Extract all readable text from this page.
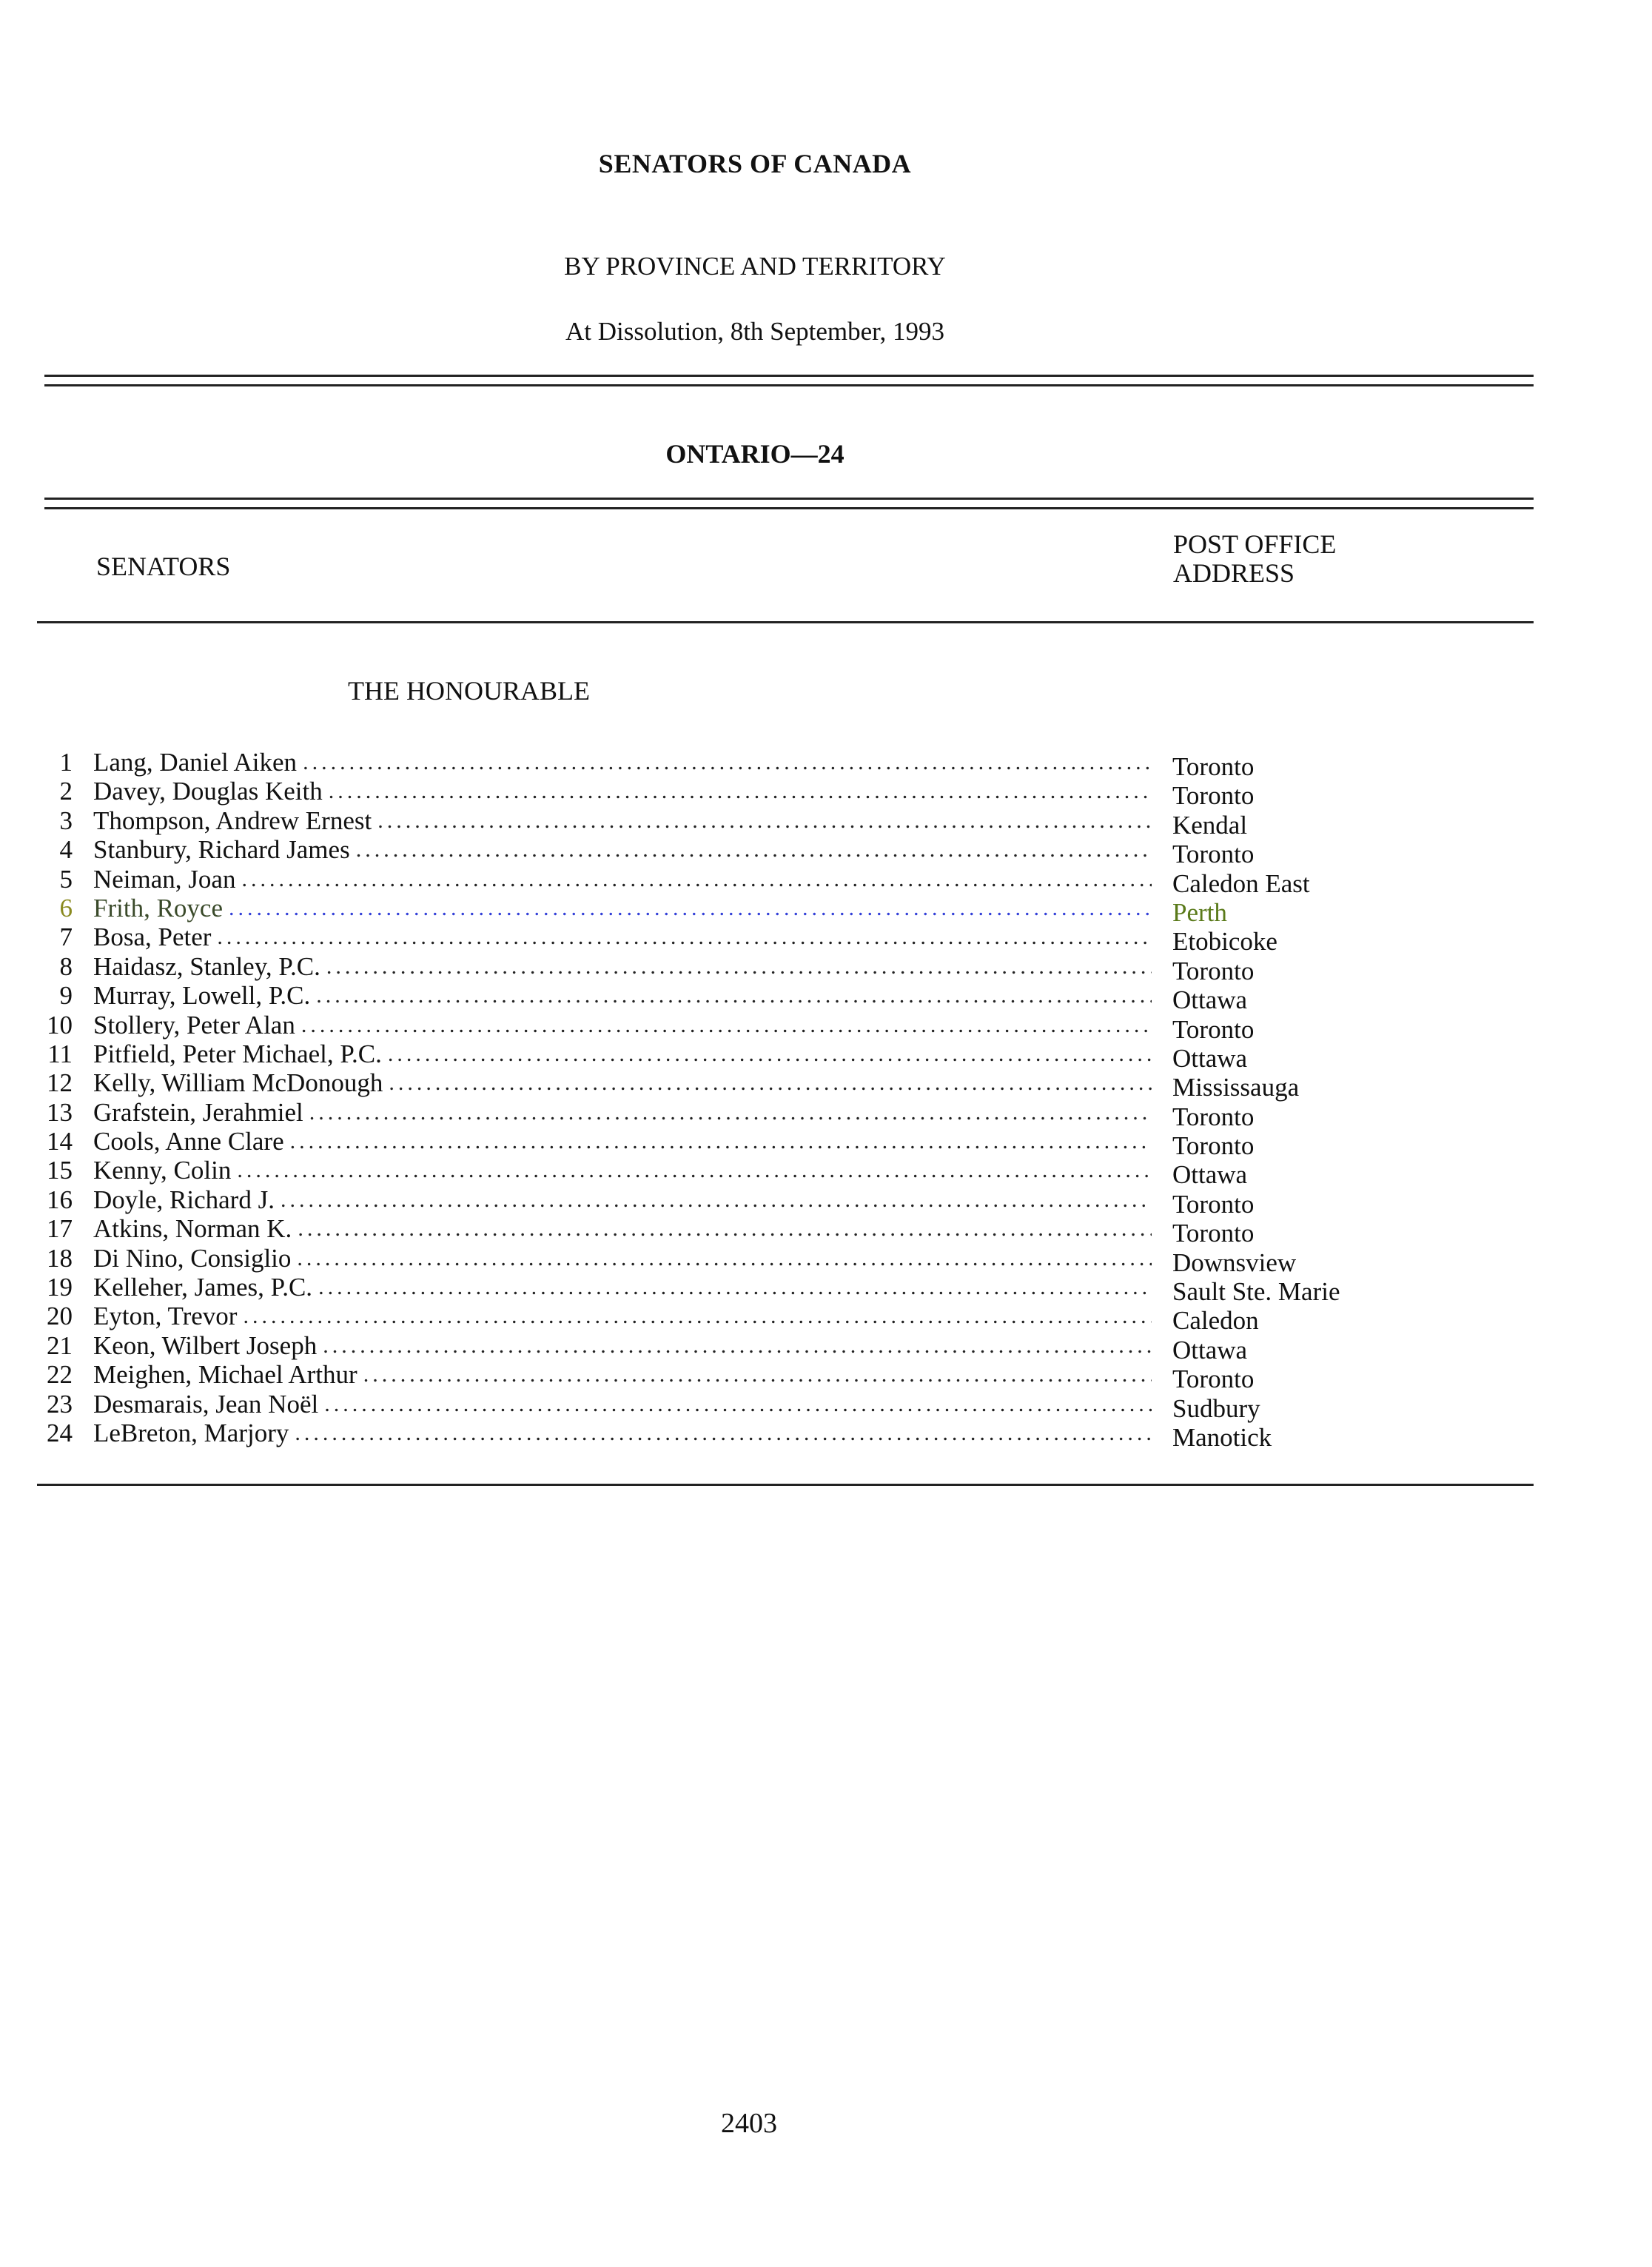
SENATORS OF CANADA
BY PROVINCE AND TERRITORY
At Dissolution, 8th September, 1993
ONTARIO—24
SENATORS
POST OFFICE
ADDRESS
THE HONOURABLE
1 Lang, Daniel Aiken .....	Toronto
2 Davey, Douglas Keith .....	Toronto
3 Thompson, Andrew Ernest .....	Kendal
4 Stanbury, Richard James .....	Toronto
5 Neiman, Joan .....	Caledon East
6 Frith, Royce .....	Perth
7 Bosa, Peter .....	Etobicoke
8 Haidasz, Stanley, P.C. .....	Toronto
9 Murray, Lowell, P.C. .....	Ottawa
10 Stollery, Peter Alan .....	Toronto
11 Pitfield, Peter Michael, P.C. .....	Ottawa
12 Kelly, William McDonough .....	Mississauga
13 Grafstein, Jerahmiel .....	Toronto
14 Cools, Anne Clare .....	Toronto
15 Kenny, Colin .....	Ottawa
16 Doyle, Richard J. .....	Toronto
17 Atkins, Norman K. .....	Toronto
18 Di Nino, Consiglio .....	Downsview
19 Kelleher, James, P.C. .....	Sault Ste. Marie
20 Eyton, Trevor .....	Caledon
21 Keon, Wilbert Joseph .....	Ottawa
22 Meighen, Michael Arthur .....	Toronto
23 Desmarais, Jean Noël .....	Sudbury
24 LeBreton, Marjory .....	Manotick
2403
